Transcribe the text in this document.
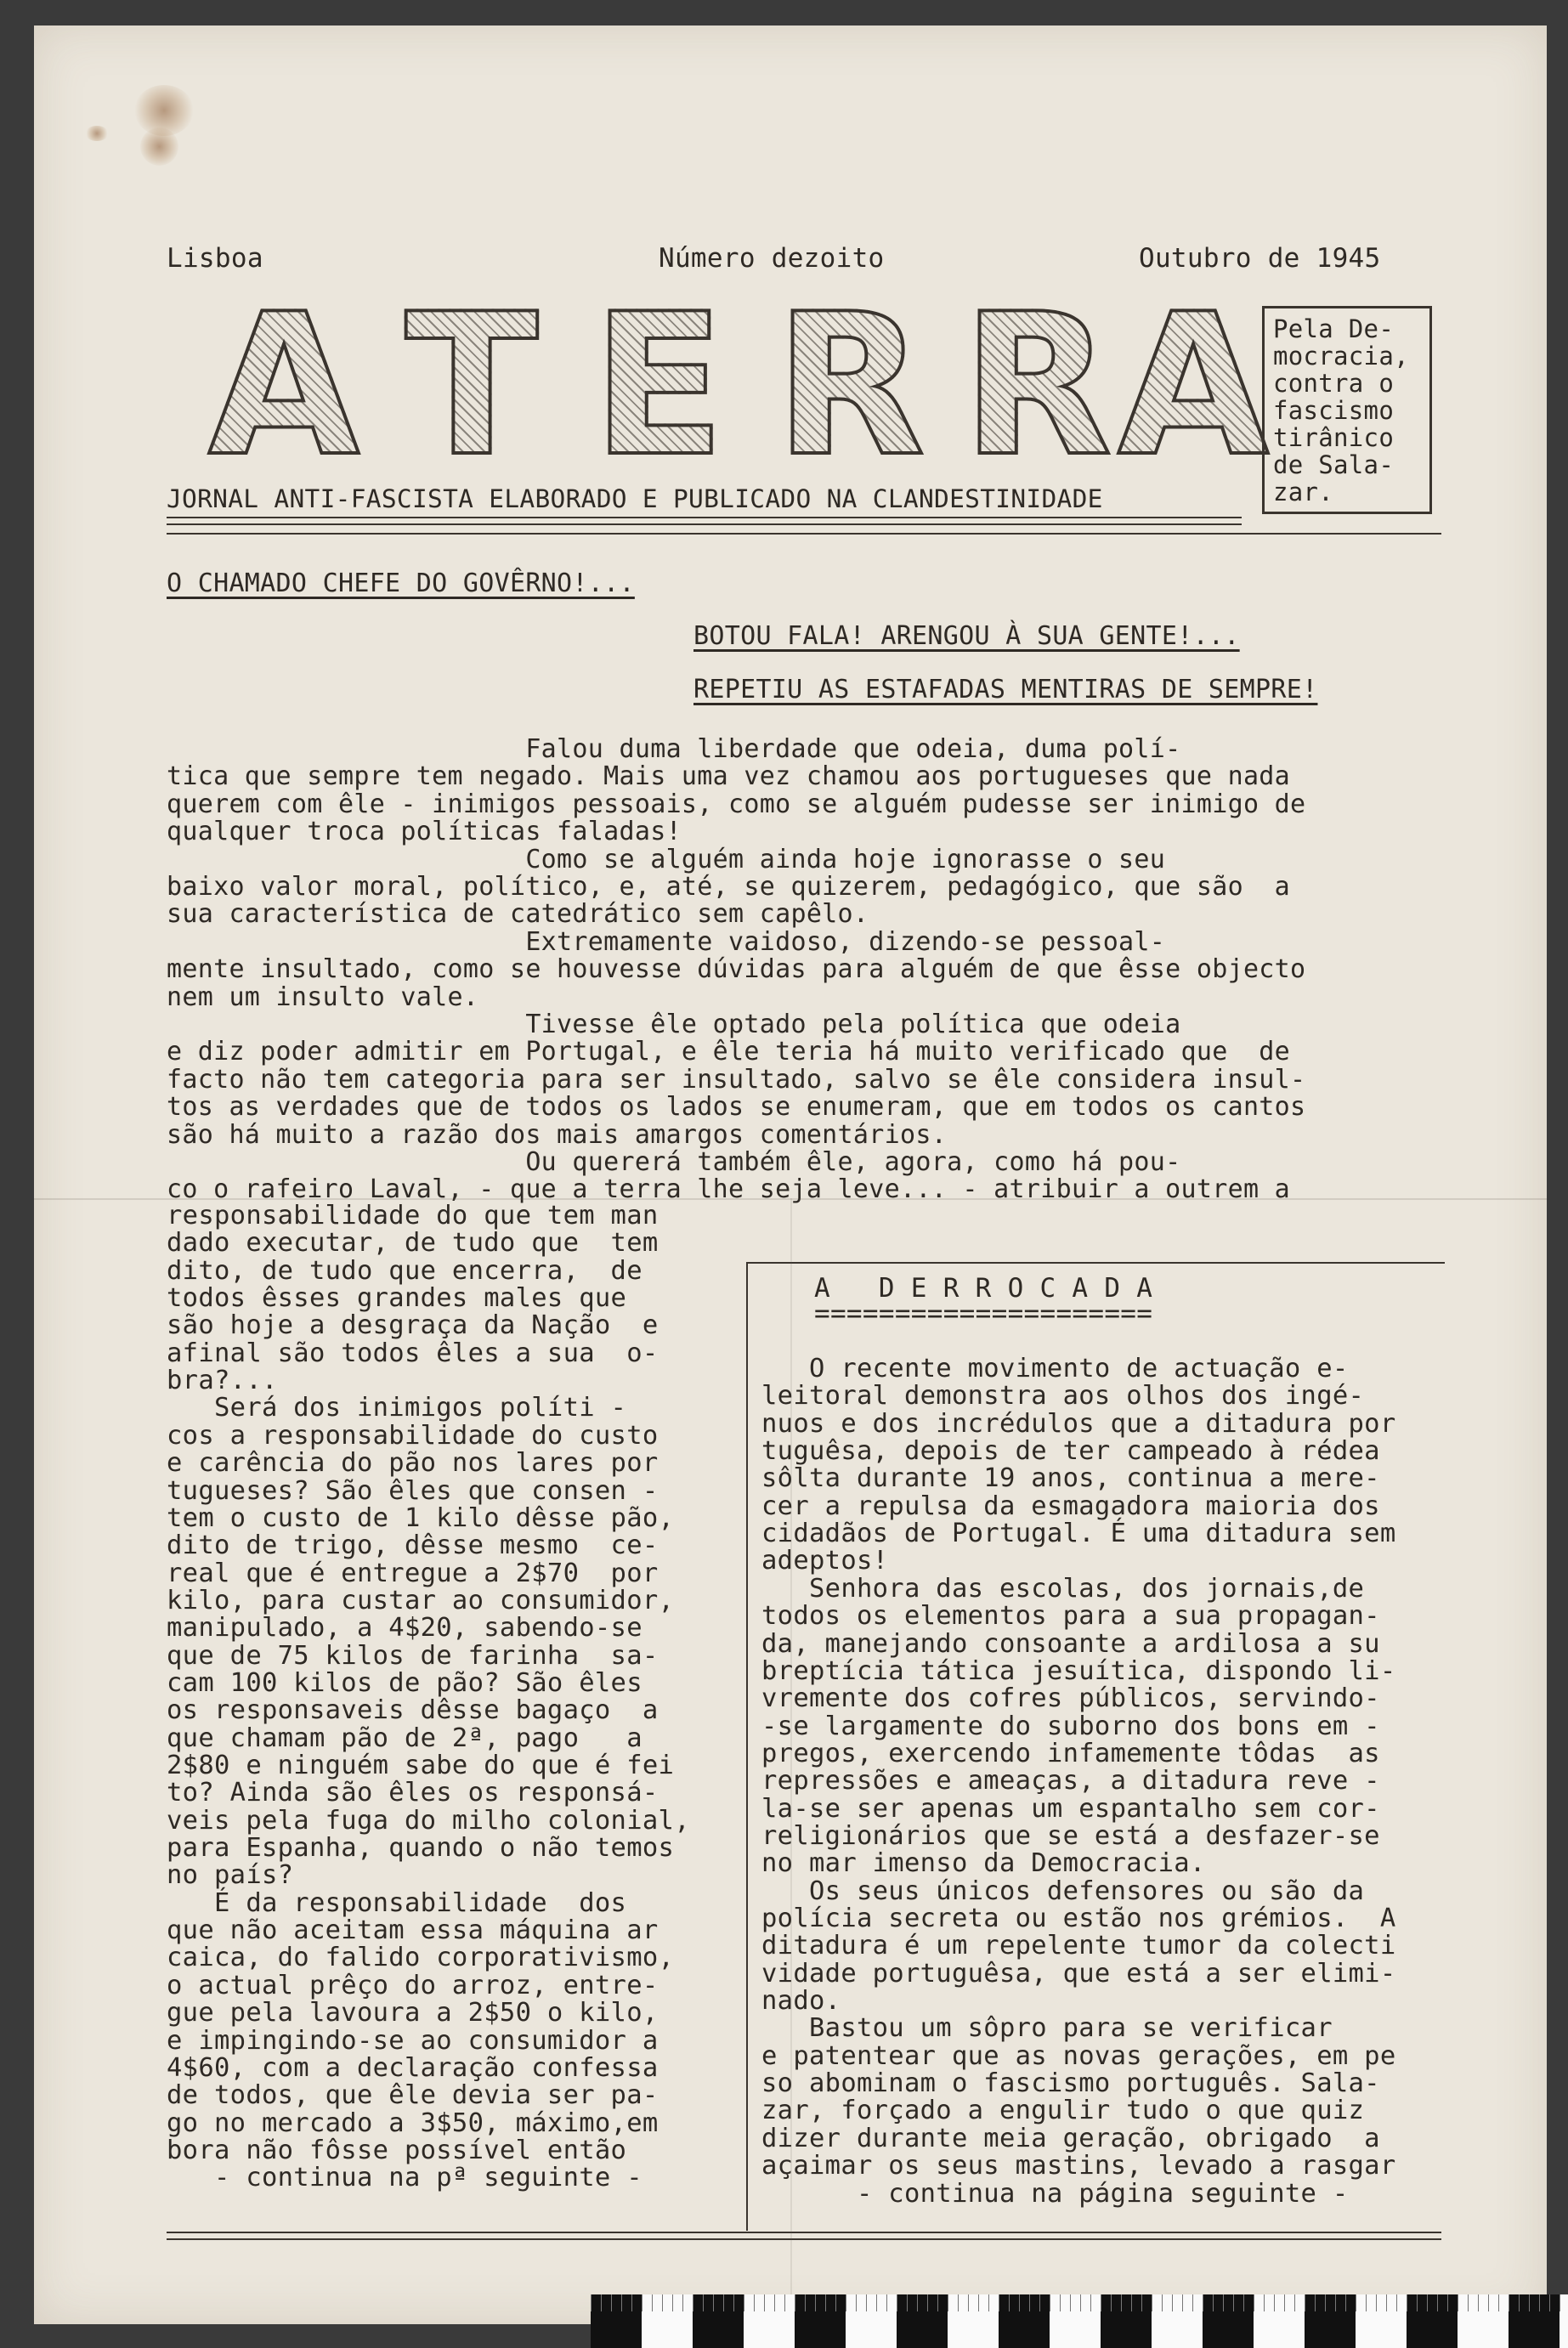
Lisboa	Número dezoito	Outubro de 1945
A T E R R A Pela De-
mocracia,
contra o
fascismo
tirânico
de Sala-
zar.
JORNAL ANTI-FASCISTA ELABORADO E PUBLICADO NA CLANDESTINIDADE
O CHAMADO CHEFE DO GOVÊRNO!...
BOTOU FALA! ARENGOU À SUA GENTE!...
REPETIU AS ESTAFADAS MENTIRAS DE SEMPRE!
Falou duma liberdade que odeia, duma polí-
tica que sempre tem negado. Mais uma vez chamou aos portugueses que nada
querem com êle - inimigos pessoais, como se alguém pudesse ser inimigo de
qualquer troca políticas faladas!
Como se alguém ainda hoje ignorasse o seu
baixo valor moral, político, e, até, se quizerem, pedagógico, que são  a
sua característica de catedrático sem capêlo.
Extremamente vaidoso, dizendo-se pessoal-
mente insultado, como se houvesse dúvidas para alguém de que êsse objecto
nem um insulto vale.
Tivesse êle optado pela política que odeia
e diz poder admitir em Portugal, e êle teria há muito verificado que  de
facto não tem categoria para ser insultado, salvo se êle considera insul-
tos as verdades que de todos os lados se enumeram, que em todos os cantos
são há muito a razão dos mais amargos comentários.
Ou quererá também êle, agora, como há pou-
co o rafeiro Laval, - que a terra lhe seja leve... - atribuir a outrem a
responsabilidade do que tem man
dado executar, de tudo que  tem
dito, de tudo que encerra,  de
todos êsses grandes males que
são hoje a desgraça da Nação  e
afinal são todos êles a sua  o-
bra?...
Será dos inimigos políti -
cos a responsabilidade do custo
e carência do pão nos lares por
tugueses? São êles que consen -
tem o custo de 1 kilo dêsse pão,
dito de trigo, dêsse mesmo  ce-
real que é entregue a 2$70  por
kilo, para custar ao consumidor,
manipulado, a 4$20, sabendo-se
que de 75 kilos de farinha  sa-
cam 100 kilos de pão? São êles
os responsaveis dêsse bagaço  a
que chamam pão de 2ª, pago   a
2$80 e ninguém sabe do que é fei
to? Ainda são êles os responsá-
veis pela fuga do milho colonial,
para Espanha, quando o não temos
no país?
É da responsabilidade  dos
que não aceitam essa máquina ar
caica, do falido corporativismo,
o actual prêço do arroz, entre-
gue pela lavoura a 2$50 o kilo,
e impingindo-se ao consumidor a
4$60, com a declaração confessa
de todos, que êle devia ser pa-
go no mercado a 3$50, máximo,em
bora não fôsse possível então
- continua na pª seguinte -
A   D E R R O C A D A
=====================
O recente movimento de actuação e-
leitoral demonstra aos olhos dos ingé-
nuos e dos incrédulos que a ditadura por
tuguêsa, depois de ter campeado à rédea
sôlta durante 19 anos, continua a mere-
cer a repulsa da esmagadora maioria dos
cidadãos de Portugal. É uma ditadura sem
adeptos!
Senhora das escolas, dos jornais,de
todos os elementos para a sua propagan-
da, manejando consoante a ardilosa a su
breptícia tática jesuítica, dispondo li-
vremente dos cofres públicos, servindo-
-se largamente do suborno dos bons em -
pregos, exercendo infamemente tôdas  as
repressões e ameaças, a ditadura reve -
la-se ser apenas um espantalho sem cor-
religionários que se está a desfazer-se
no mar imenso da Democracia.
Os seus únicos defensores ou são da
polícia secreta ou estão nos grémios.  A
ditadura é um repelente tumor da colecti
vidade portuguêsa, que está a ser elimi-
nado.
Bastou um sôpro para se verificar
e patentear que as novas gerações, em pe
so abominam o fascismo português. Sala-
zar, forçado a engulir tudo o que quiz
dizer durante meia geração, obrigado  a
açaimar os seus mastins, levado a rasgar
- continua na página seguinte -
